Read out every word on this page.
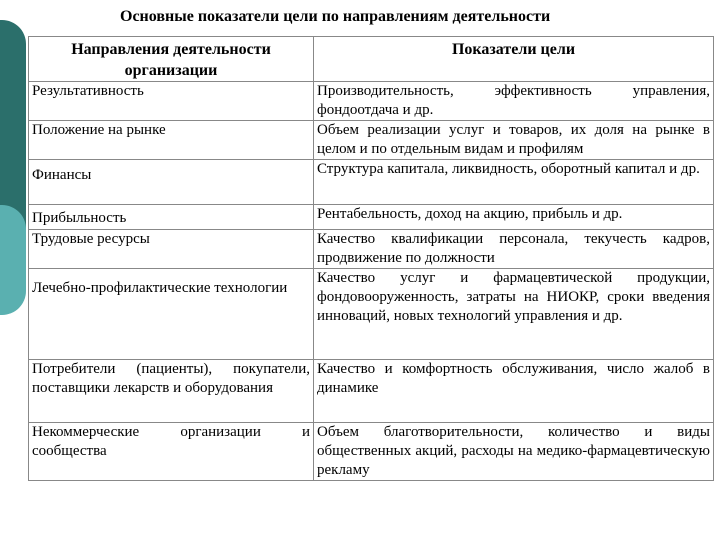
Основные показатели цели по направлениям деятельности
Направления деятельности организации	Показатели цели
Результативность	Производительность, эффективность управления, фондоотдача и др.
Положение на рынке	Объем реализации услуг и товаров, их доля на рынке в целом и по отдельным видам и профилям
Финансы	Структура капитала, ликвидность, оборотный капитал и др.
Прибыльность	Рентабельность, доход на акцию, прибыль и др.
Трудовые ресурсы	Качество квалификации персонала, текучесть кадров, продвижение по должности
Лечебно-профилактические технологии	Качество услуг и фармацевтической продукции, фондовооруженность, затраты на НИОКР, сроки введения инноваций, новых технологий управления и др.
Потребители (пациенты), покупатели, поставщики лекарств и оборудования	Качество и комфортность обслуживания, число жалоб в динамике
Некоммерческие организации и сообщества	Объем благотворительности, количество и виды общественных акций, расходы на медико-фармацевтическую рекламу
